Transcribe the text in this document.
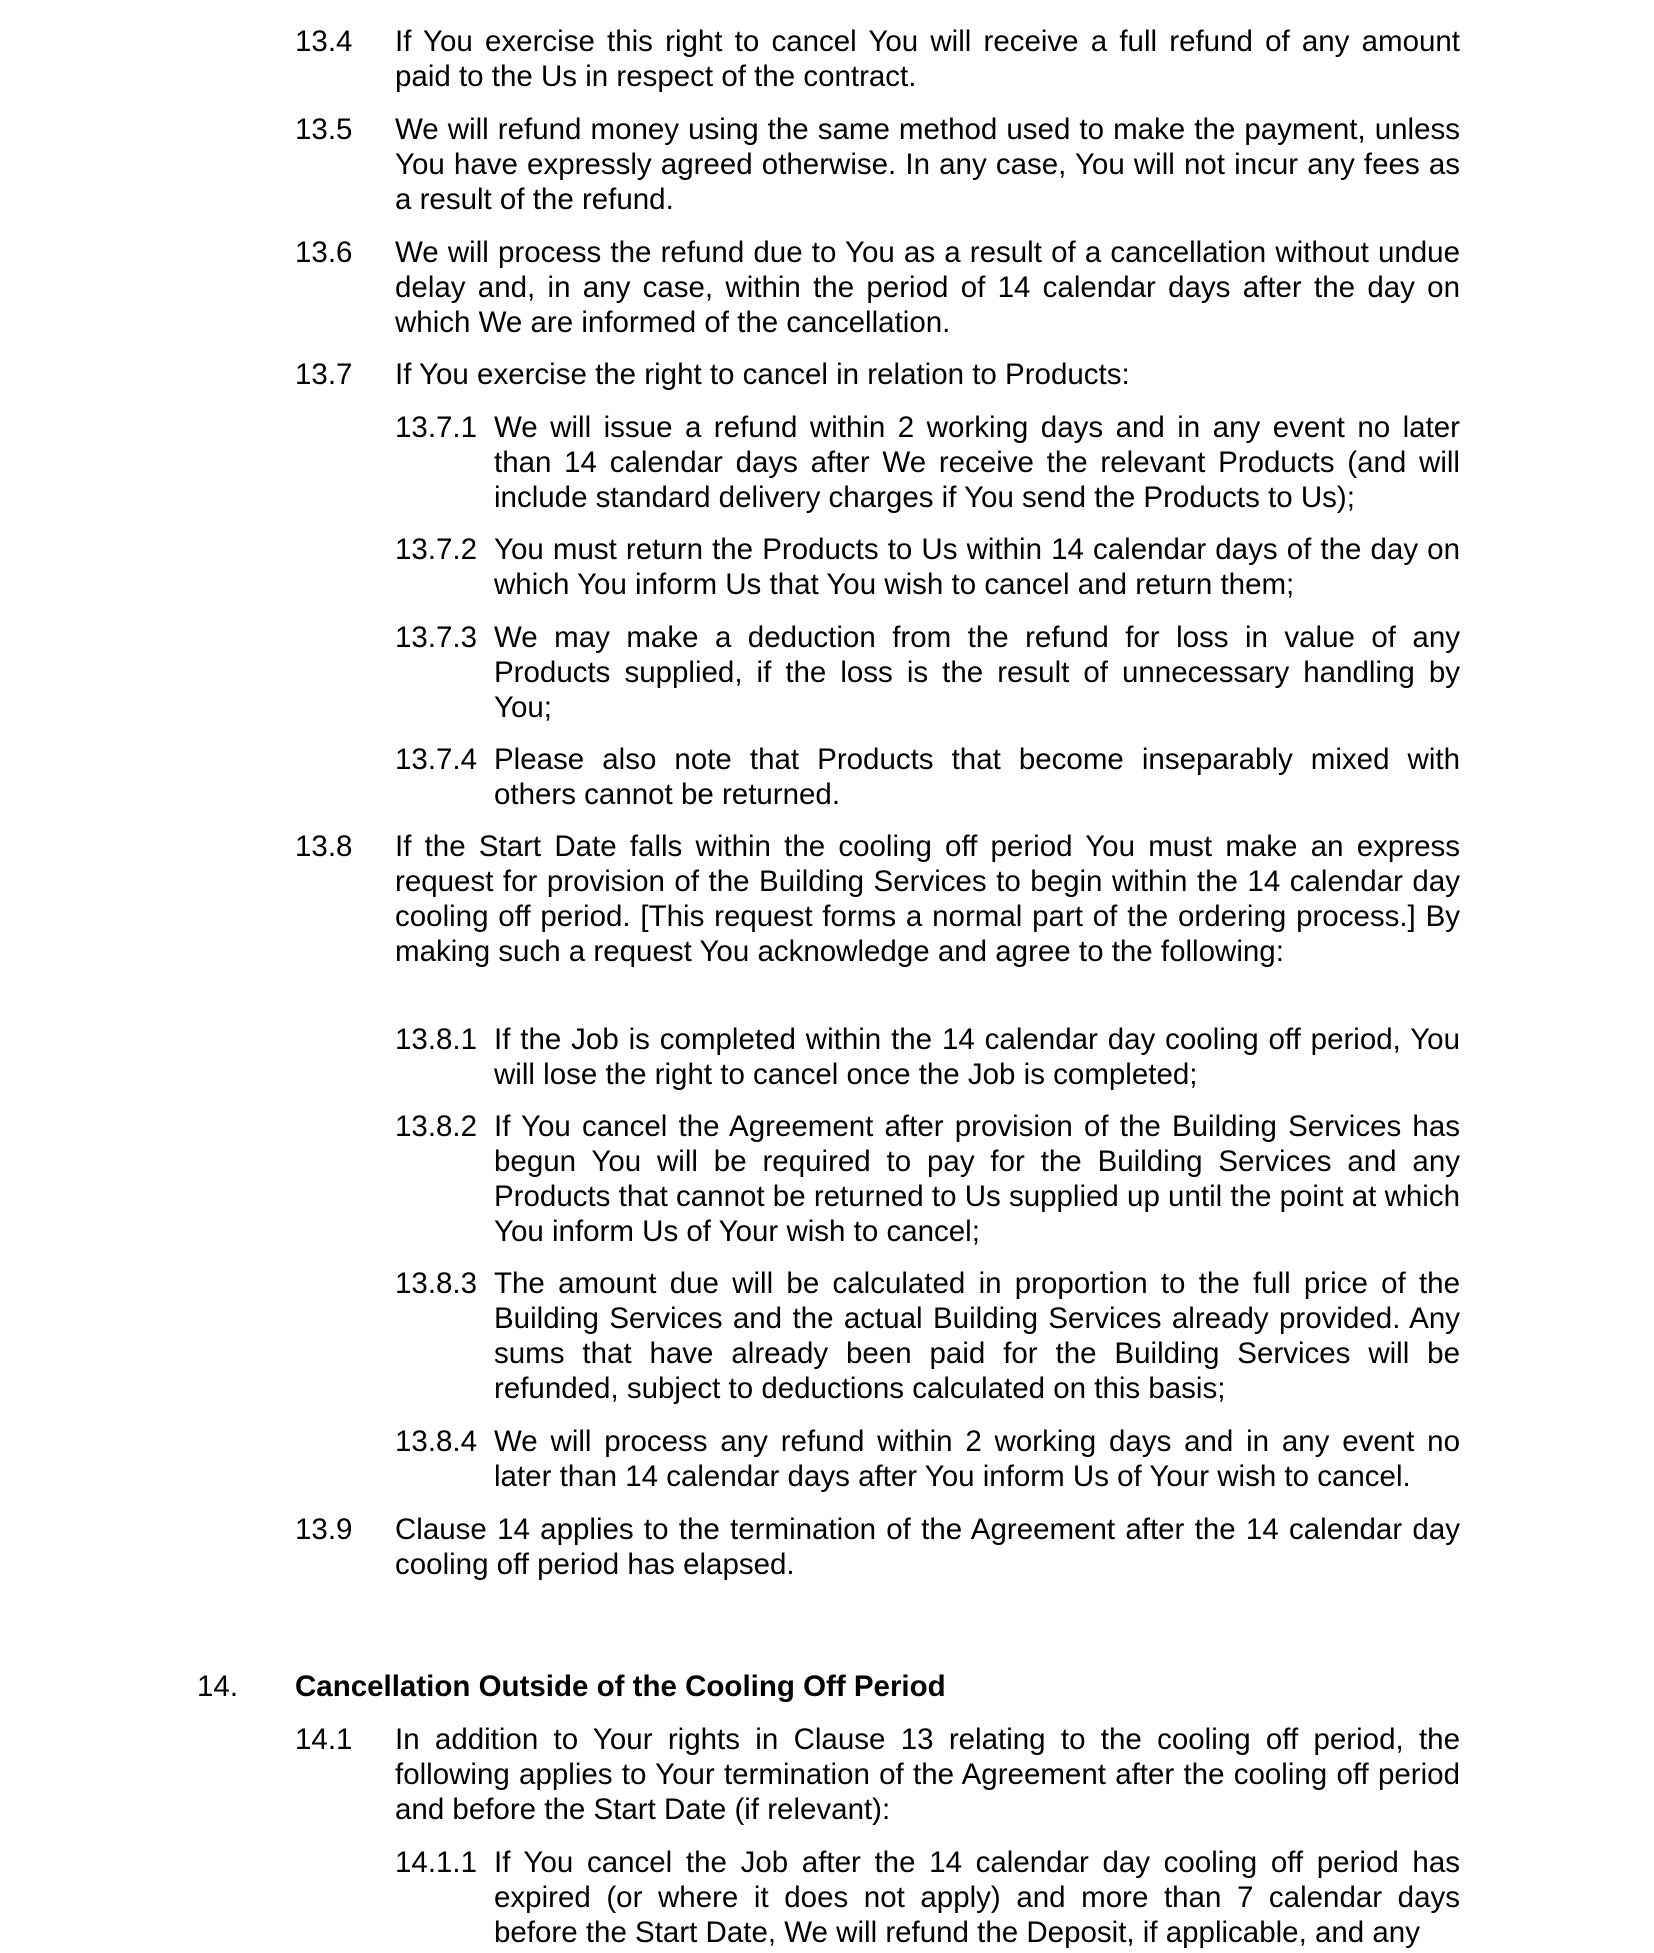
13.4 If You exercise this right to cancel You will receive a full refund of any amount paid to the Us in respect of the contract.
13.5 We will refund money using the same method used to make the payment, unless You have expressly agreed otherwise. In any case, You will not incur any fees as a result of the refund.
13.6 We will process the refund due to You as a result of a cancellation without undue delay and, in any case, within the period of 14 calendar days after the day on which We are informed of the cancellation.
13.7 If You exercise the right to cancel in relation to Products:
13.7.1 We will issue a refund within 2 working days and in any event no later than 14 calendar days after We receive the relevant Products (and will include standard delivery charges if You send the Products to Us);
13.7.2 You must return the Products to Us within 14 calendar days of the day on which You inform Us that You wish to cancel and return them;
13.7.3 We may make a deduction from the refund for loss in value of any Products supplied, if the loss is the result of unnecessary handling by You;
13.7.4 Please also note that Products that become inseparably mixed with others cannot be returned.
13.8 If the Start Date falls within the cooling off period You must make an express request for provision of the Building Services to begin within the 14 calendar day cooling off period. [This request forms a normal part of the ordering process.] By making such a request You acknowledge and agree to the following:
13.8.1 If the Job is completed within the 14 calendar day cooling off period, You will lose the right to cancel once the Job is completed;
13.8.2 If You cancel the Agreement after provision of the Building Services has begun You will be required to pay for the Building Services and any Products that cannot be returned to Us supplied up until the point at which You inform Us of Your wish to cancel;
13.8.3 The amount due will be calculated in proportion to the full price of the Building Services and the actual Building Services already provided. Any sums that have already been paid for the Building Services will be refunded, subject to deductions calculated on this basis;
13.8.4 We will process any refund within 2 working days and in any event no later than 14 calendar days after You inform Us of Your wish to cancel.
13.9 Clause 14 applies to the termination of the Agreement after the 14 calendar day cooling off period has elapsed.
14. Cancellation Outside of the Cooling Off Period
14.1 In addition to Your rights in Clause 13 relating to the cooling off period, the following applies to Your termination of the Agreement after the cooling off period and before the Start Date (if relevant):
14.1.1 If You cancel the Job after the 14 calendar day cooling off period has expired (or where it does not apply) and more than 7 calendar days before the Start Date, We will refund the Deposit, if applicable, and any
